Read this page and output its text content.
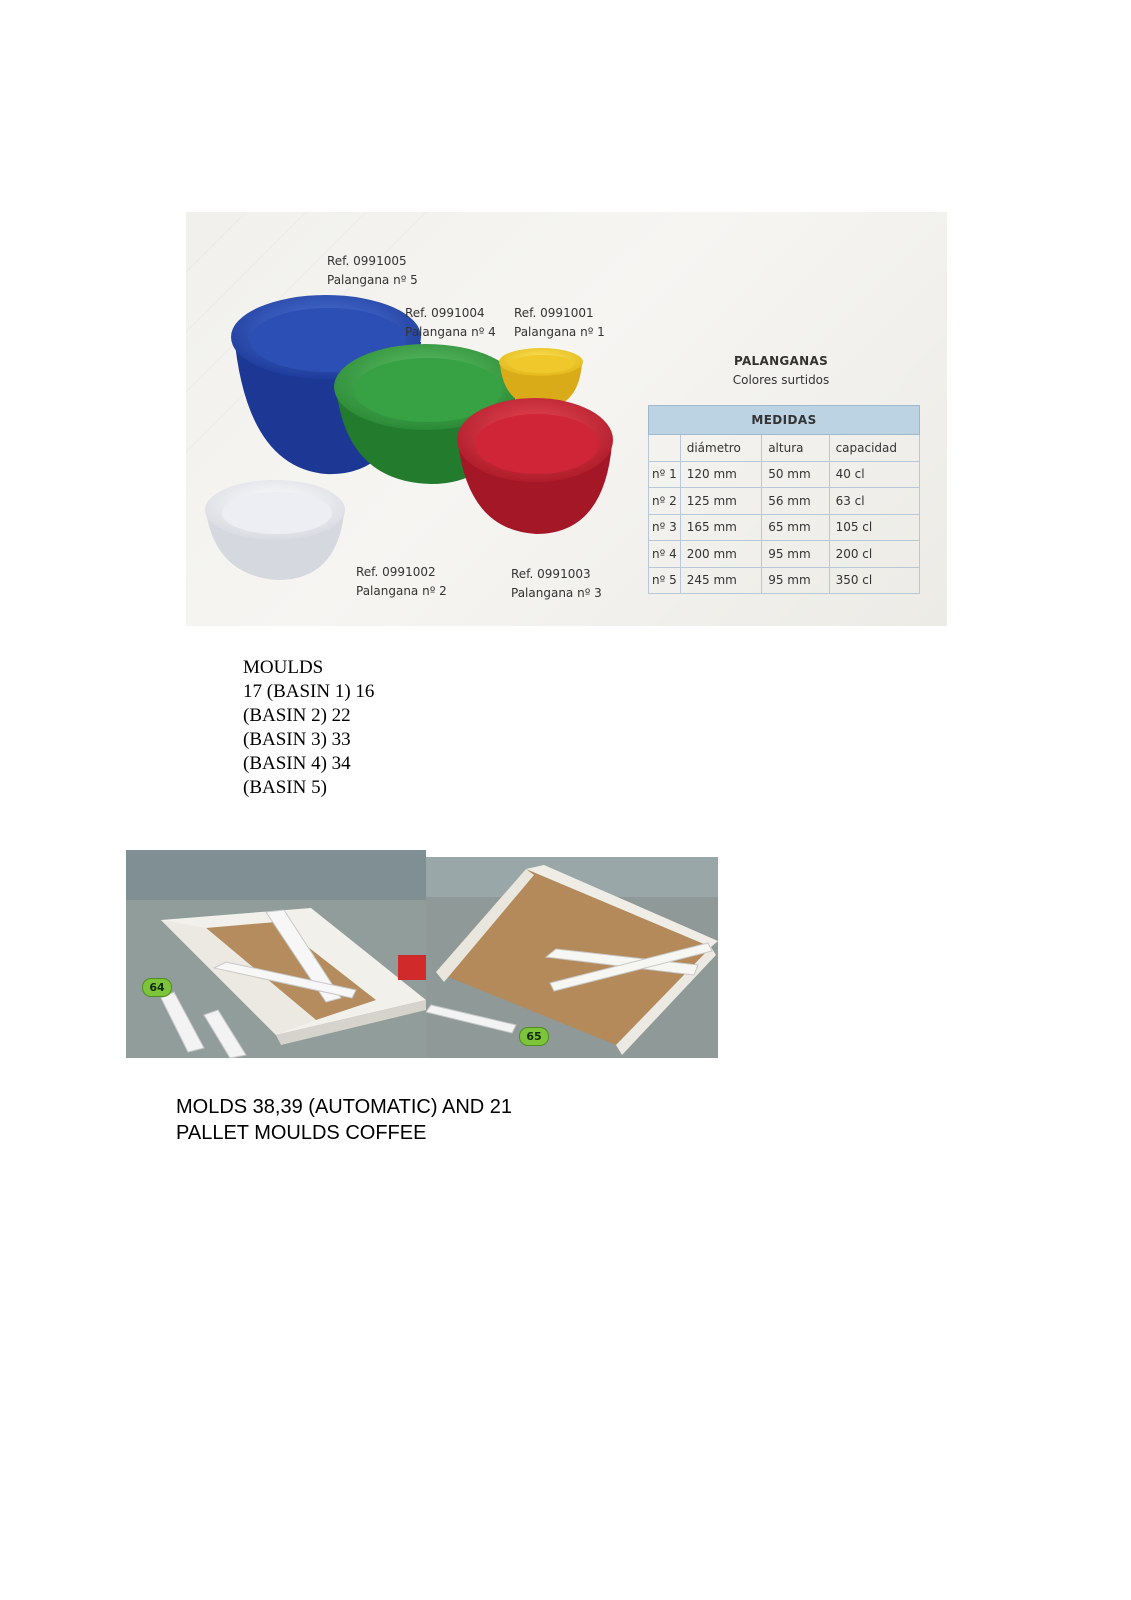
Ref. 0991005
Palangana nº 5
Ref. 0991004
Palangana nº 4
Ref. 0991001
Palangana nº 1
Ref. 0991002
Palangana nº 2
Ref. 0991003
Palangana nº 3
PALANGANAS
Colores surtidos
MEDIDAS			
	diámetro	altura	capacidad
nº 1	120 mm	50 mm	40 cl
nº 2	125 mm	56 mm	63 cl
nº 3	165 mm	65 mm	105 cl
nº 4	200 mm	95 mm	200 cl
nº 5	245 mm	95 mm	350 cl
MOULDS
17 (BASIN 1) 16
(BASIN 2) 22
(BASIN 3) 33
(BASIN 4) 34
(BASIN 5)
64
65
MOLDS 38,39 (AUTOMATIC) AND 21
PALLET MOULDS COFFEE
